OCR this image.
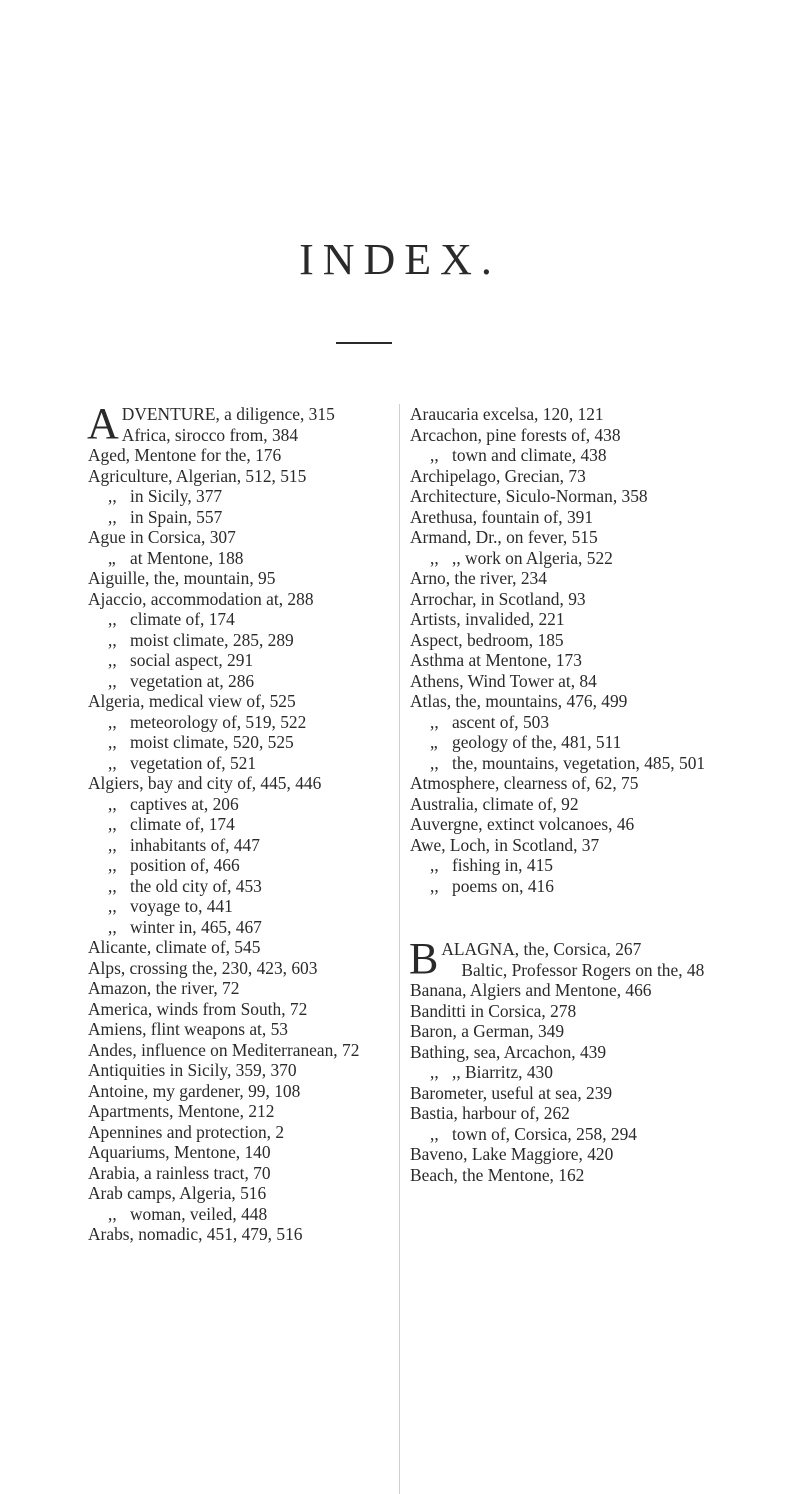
INDEX.
ADVENTURE, a diligence, 315
Africa, sirocco from, 384

Aged, Mentone for the, 176

Agriculture, Algerian, 512, 515

,, in Sicily, 377

,, in Spain, 557

Ague in Corsica, 307

„ at Mentone, 188

Aiguille, the, mountain, 95

Ajaccio, accommodation at, 288

,, climate of, 174

,, moist climate, 285, 289

,, social aspect, 291

,, vegetation at, 286

Algeria, medical view of, 525

,, meteorology of, 519, 522

,, moist climate, 520, 525

,, vegetation of, 521

Algiers, bay and city of, 445, 446

,, captives at, 206

,, climate of, 174

,, inhabitants of, 447

,, position of, 466

,, the old city of, 453

,, voyage to, 441

,, winter in, 465, 467

Alicante, climate of, 545

Alps, crossing the, 230, 423, 603

Amazon, the river, 72

America, winds from South, 72

Amiens, flint weapons at, 53

Andes, influence on Mediterranean, 72

Antiquities in Sicily, 359, 370

Antoine, my gardener, 99, 108

Apartments, Mentone, 212

Apennines and protection, 2

Aquariums, Mentone, 140

Arabia, a rainless tract, 70

Arab camps, Algeria, 516

,, woman, veiled, 448

Arabs, nomadic, 451, 479, 516

Araucaria excelsa, 120, 121

Arcachon, pine forests of, 438

,, town and climate, 438

Archipelago, Grecian, 73

Architecture, Siculo-Norman, 358

Arethusa, fountain of, 391

Armand, Dr., on fever, 515

,, ,, work on Algeria, 522

Arno, the river, 234

Arrochar, in Scotland, 93

Artists, invalided, 221

Aspect, bedroom, 185

Asthma at Mentone, 173

Athens, Wind Tower at, 84

Atlas, the, mountains, 476, 499

,, ascent of, 503

„ geology of the, 481, 511

,, the, mountains, vegetation, 485, 501

Atmosphere, clearness of, 62, 75

Australia, climate of, 92

Auvergne, extinct volcanoes, 46

Awe, Loch, in Scotland, 37

,, fishing in, 415

,, poems on, 416

BALAGNA, the, Corsica, 267
Baltic, Professor Rogers on the, 48

Banana, Algiers and Mentone, 466

Banditti in Corsica, 278

Baron, a German, 349

Bathing, sea, Arcachon, 439

,, ,, Biarritz, 430

Barometer, useful at sea, 239

Bastia, harbour of, 262

,, town of, Corsica, 258, 294

Baveno, Lake Maggiore, 420

Beach, the Mentone, 162
